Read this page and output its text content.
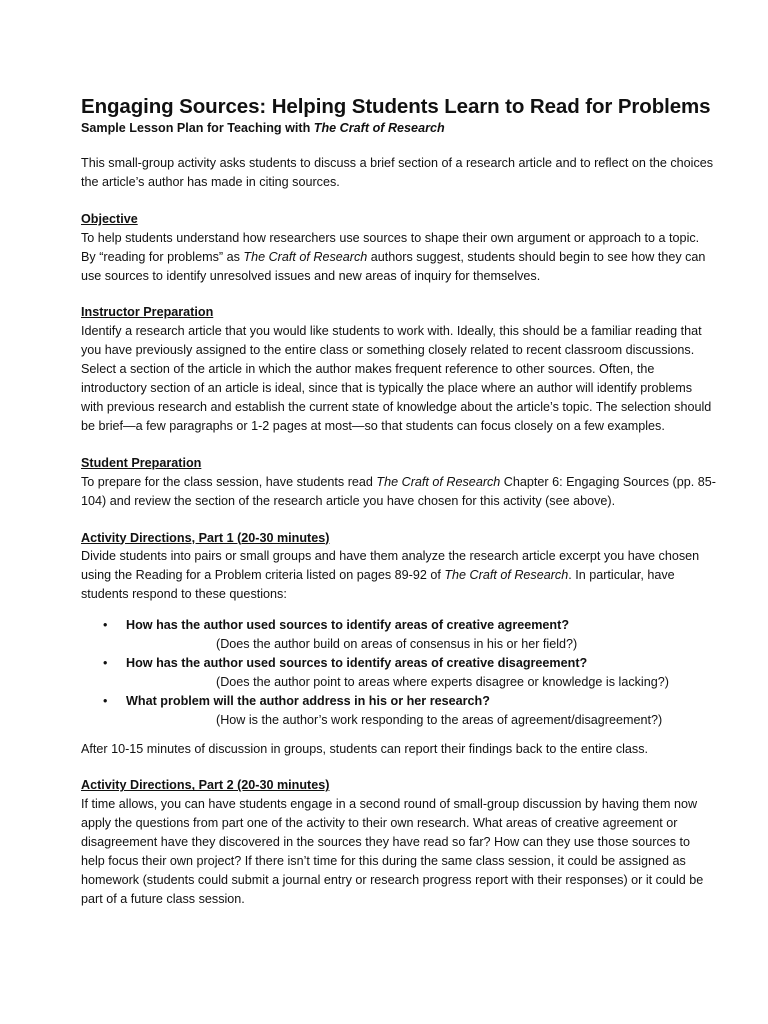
Engaging Sources: Helping Students Learn to Read for Problems
Sample Lesson Plan for Teaching with The Craft of Research

This small-group activity asks students to discuss a brief section of a research article and to reflect on the choices the article’s author has made in citing sources.

Objective

To help students understand how researchers use sources to shape their own argument or approach to a topic. By “reading for problems” as The Craft of Research authors suggest, students should begin to see how they can use sources to identify unresolved issues and new areas of inquiry for themselves.

Instructor Preparation

Identify a research article that you would like students to work with. Ideally, this should be a familiar reading that you have previously assigned to the entire class or something closely related to recent classroom discussions. Select a section of the article in which the author makes frequent reference to other sources. Often, the introductory section of an article is ideal, since that is typically the place where an author will identify problems with previous research and establish the current state of knowledge about the article’s topic. The selection should be brief—a few paragraphs or 1-2 pages at most—so that students can focus closely on a few examples.

Student Preparation

To prepare for the class session, have students read The Craft of Research Chapter 6: Engaging Sources (pp. 85-104) and review the section of the research article you have chosen for this activity (see above).

Activity Directions, Part 1 (20-30 minutes)

Divide students into pairs or small groups and have them analyze the research article excerpt you have chosen using the Reading for a Problem criteria listed on pages 89-92 of The Craft of Research. In particular, have students respond to these questions:

• How has the author used sources to identify areas of creative agreement?
(Does the author build on areas of consensus in his or her field?)
• How has the author used sources to identify areas of creative disagreement?
(Does the author point to areas where experts disagree or knowledge is lacking?)
• What problem will the author address in his or her research?
(How is the author’s work responding to the areas of agreement/disagreement?)

After 10-15 minutes of discussion in groups, students can report their findings back to the entire class.

Activity Directions, Part 2 (20-30 minutes)

If time allows, you can have students engage in a second round of small-group discussion by having them now apply the questions from part one of the activity to their own research. What areas of creative agreement or disagreement have they discovered in the sources they have read so far? How can they use those sources to help focus their own project? If there isn’t time for this during the same class session, it could be assigned as homework (students could submit a journal entry or research progress report with their responses) or it could be part of a future class session.
